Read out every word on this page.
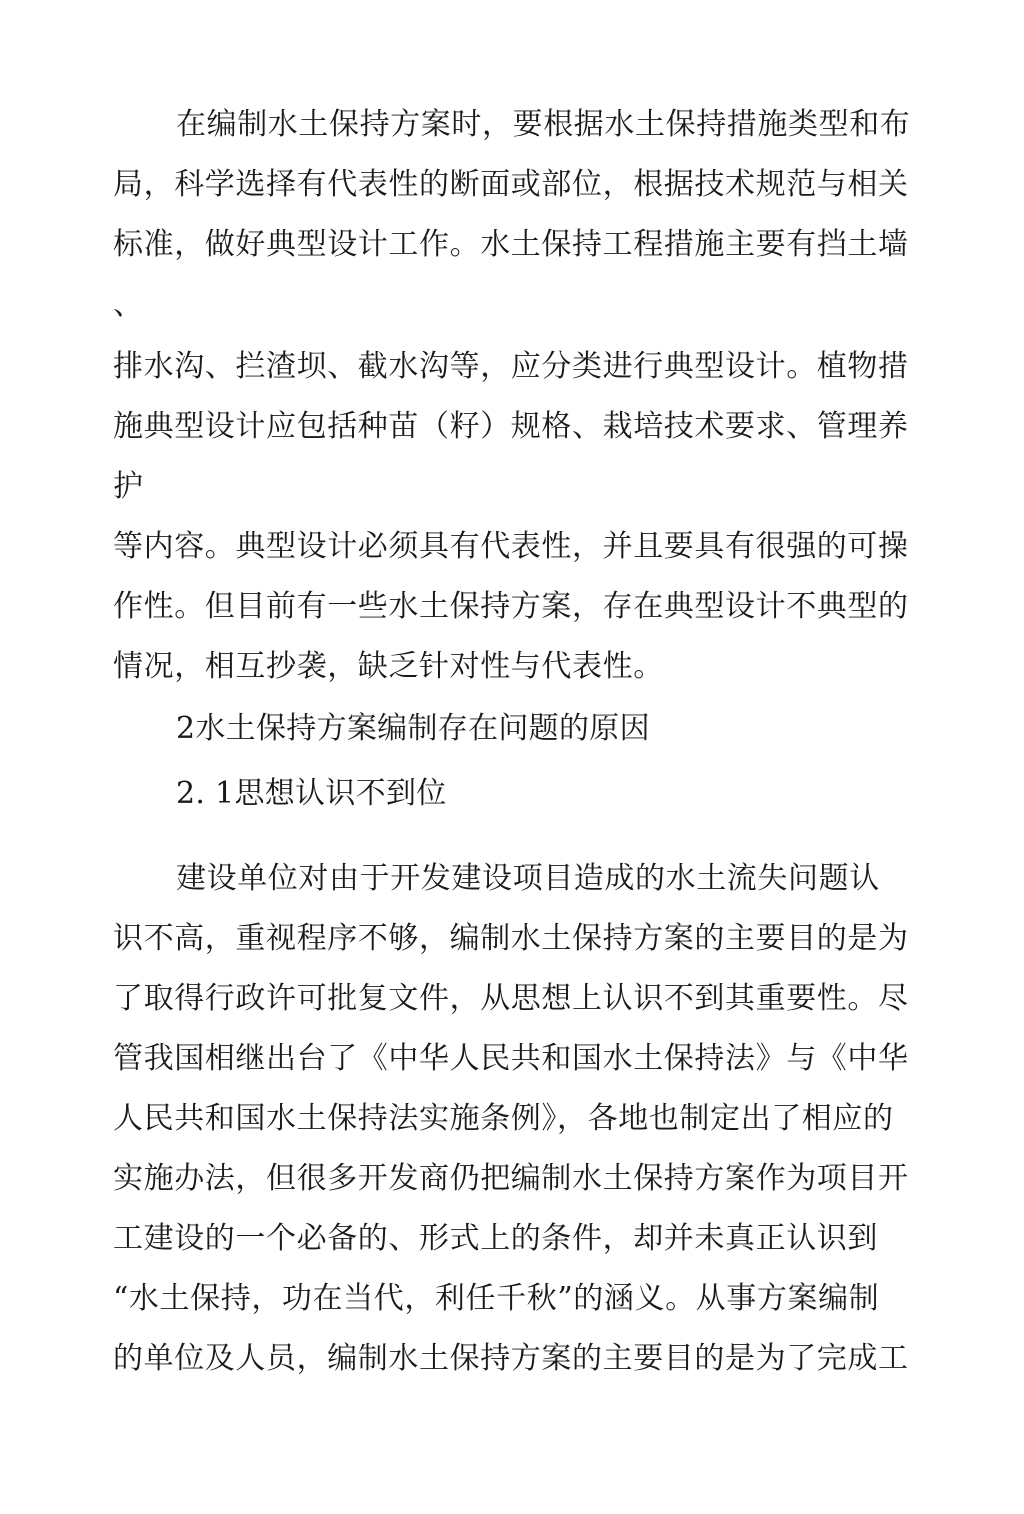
在编制水土保持方案时，要根据水土保持措施类型和布
局，科学选择有代表性的断面或部位，根据技术规范与相关
标准，做好典型设计工作。水土保持工程措施主要有挡土墙
、
排水沟、拦渣坝、截水沟等，应分类进行典型设计。植物措
施典型设计应包括种苗（籽）规格、栽培技术要求、管理养
护
等内容。典型设计必须具有代表性，并且要具有很强的可操
作性。但目前有一些水土保持方案，存在典型设计不典型的
情况，相互抄袭，缺乏针对性与代表性。
2水土保持方案编制存在问题的原因
2. 1思想认识不到位
建设单位对由于开发建设项目造成的水土流失问题认
识不高，重视程序不够，编制水土保持方案的主要目的是为
了取得行政许可批复文件，从思想上认识不到其重要性。尽
管我国相继出台了《中华人民共和国水土保持法》与《中华
人民共和国水土保持法实施条例》，各地也制定出了相应的
实施办法，但很多开发商仍把编制水土保持方案作为项目开
工建设的一个必备的、形式上的条件，却并未真正认识到
“水土保持，功在当代，利任千秋”的涵义。从事方案编制
的单位及人员，编制水土保持方案的主要目的是为了完成工
